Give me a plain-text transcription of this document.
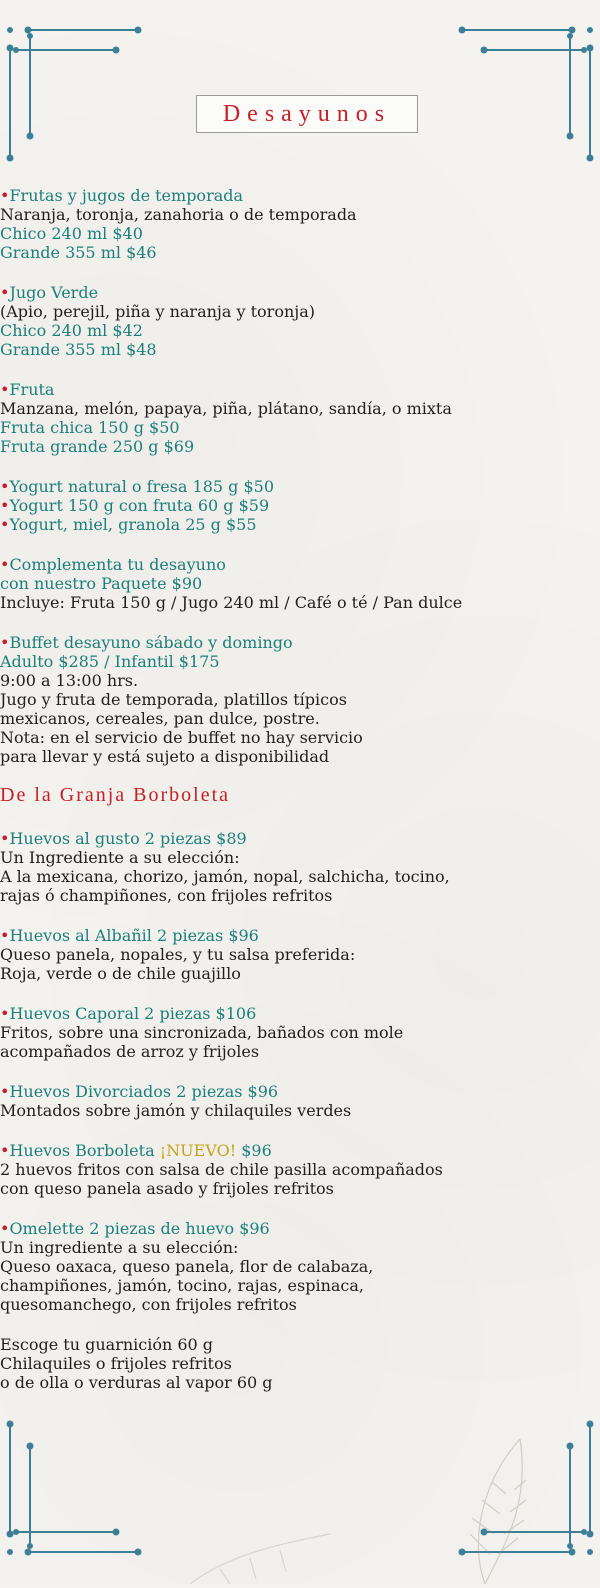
Desayunos
•Frutas y jugos de temporada
Naranja, toronja, zanahoria o de temporada
Chico 240 ml $40
Grande 355 ml $46
•Jugo Verde
(Apio, perejil, piña y naranja y toronja)
Chico 240 ml $42
Grande 355 ml $48
•Fruta
Manzana, melón, papaya, piña, plátano, sandía, o mixta
Fruta chica 150 g $50
Fruta grande 250 g $69
•Yogurt natural o fresa 185 g $50
•Yogurt 150 g con fruta 60 g $59
•Yogurt, miel, granola 25 g $55
•Complementa tu desayuno
con nuestro Paquete $90
Incluye: Fruta 150 g / Jugo 240 ml / Café o té / Pan dulce
•Buffet desayuno sábado y domingo
Adulto $285 / Infantil $175
9:00 a 13:00 hrs.
Jugo y fruta de temporada, platillos típicos
mexicanos, cereales, pan dulce, postre.
Nota: en el servicio de buffet no hay servicio
para llevar y está sujeto a disponibilidad
De la Granja Borboleta
•Huevos al gusto 2 piezas $89
Un Ingrediente a su elección:
A la mexicana, chorizo, jamón, nopal, salchicha, tocino,
rajas ó champiñones, con frijoles refritos
•Huevos al Albañil 2 piezas $96
Queso panela, nopales, y tu salsa preferida:
Roja, verde o de chile guajillo
•Huevos Caporal 2 piezas $106
Fritos, sobre una sincronizada, bañados con mole
acompañados de arroz y frijoles
•Huevos Divorciados 2 piezas $96
Montados sobre jamón y chilaquiles verdes
•Huevos Borboleta ¡NUEVO! $96
2 huevos fritos con salsa de chile pasilla acompañados
con queso panela asado y frijoles refritos
•Omelette 2 piezas de huevo $96
Un ingrediente a su elección:
Queso oaxaca, queso panela, flor de calabaza,
champiñones, jamón, tocino, rajas, espinaca,
quesomanchego, con frijoles refritos
Escoge tu guarnición 60 g
Chilaquiles o frijoles refritos
o de olla o verduras al vapor 60 g
